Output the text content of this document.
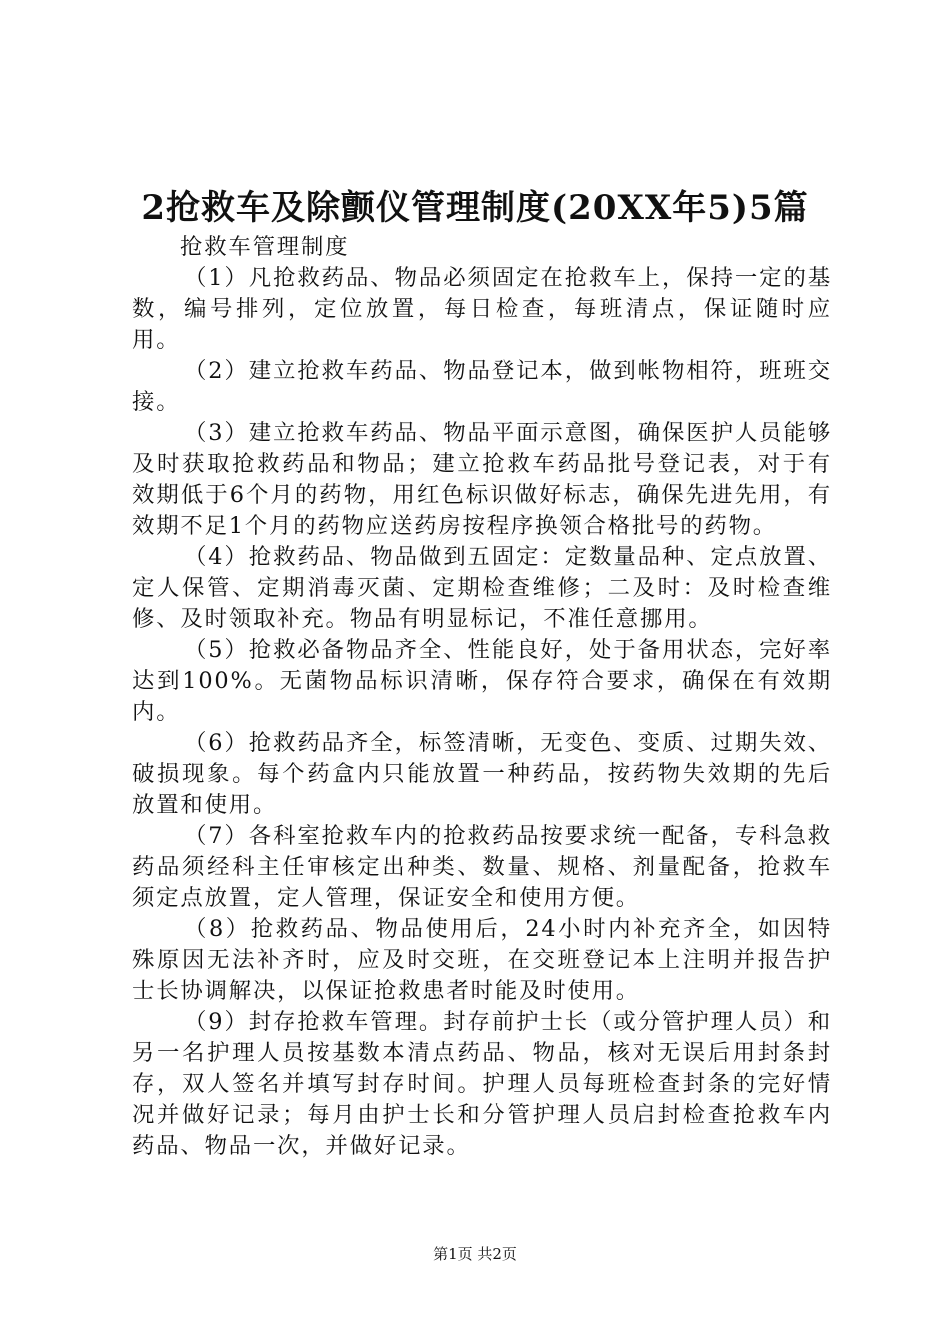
2抢救车及除颤仪管理制度(20XX年5)5篇

抢救车管理制度

（1）凡抢救药品、物品必须固定在抢救车上，保持一定的基数，编号排列，定位放置，每日检查，每班清点，保证随时应用。

（2）建立抢救车药品、物品登记本，做到帐物相符，班班交接。

（3）建立抢救车药品、物品平面示意图，确保医护人员能够及时获取抢救药品和物品；建立抢救车药品批号登记表，对于有效期低于6个月的药物，用红色标识做好标志，确保先进先用，有效期不足1个月的药物应送药房按程序换领合格批号的药物。

（4）抢救药品、物品做到五固定：定数量品种、定点放置、定人保管、定期消毒灭菌、定期检查维修；二及时：及时检查维修、及时领取补充。物品有明显标记，不准任意挪用。

（5）抢救必备物品齐全、性能良好，处于备用状态，完好率达到100%。无菌物品标识清晰，保存符合要求，确保在有效期内。

（6）抢救药品齐全，标签清晰，无变色、变质、过期失效、破损现象。每个药盒内只能放置一种药品，按药物失效期的先后放置和使用。

（7）各科室抢救车内的抢救药品按要求统一配备，专科急救药品须经科主任审核定出种类、数量、规格、剂量配备，抢救车须定点放置，定人管理，保证安全和使用方便。

（8）抢救药品、物品使用后，24小时内补充齐全，如因特殊原因无法补齐时，应及时交班，在交班登记本上注明并报告护士长协调解决，以保证抢救患者时能及时使用。

（9）封存抢救车管理。封存前护士长（或分管护理人员）和另一名护理人员按基数本清点药品、物品，核对无误后用封条封存，双人签名并填写封存时间。护理人员每班检查封条的完好情况并做好记录；每月由护士长和分管护理人员启封检查抢救车内药品、物品一次，并做好记录。

第1页 共2页
